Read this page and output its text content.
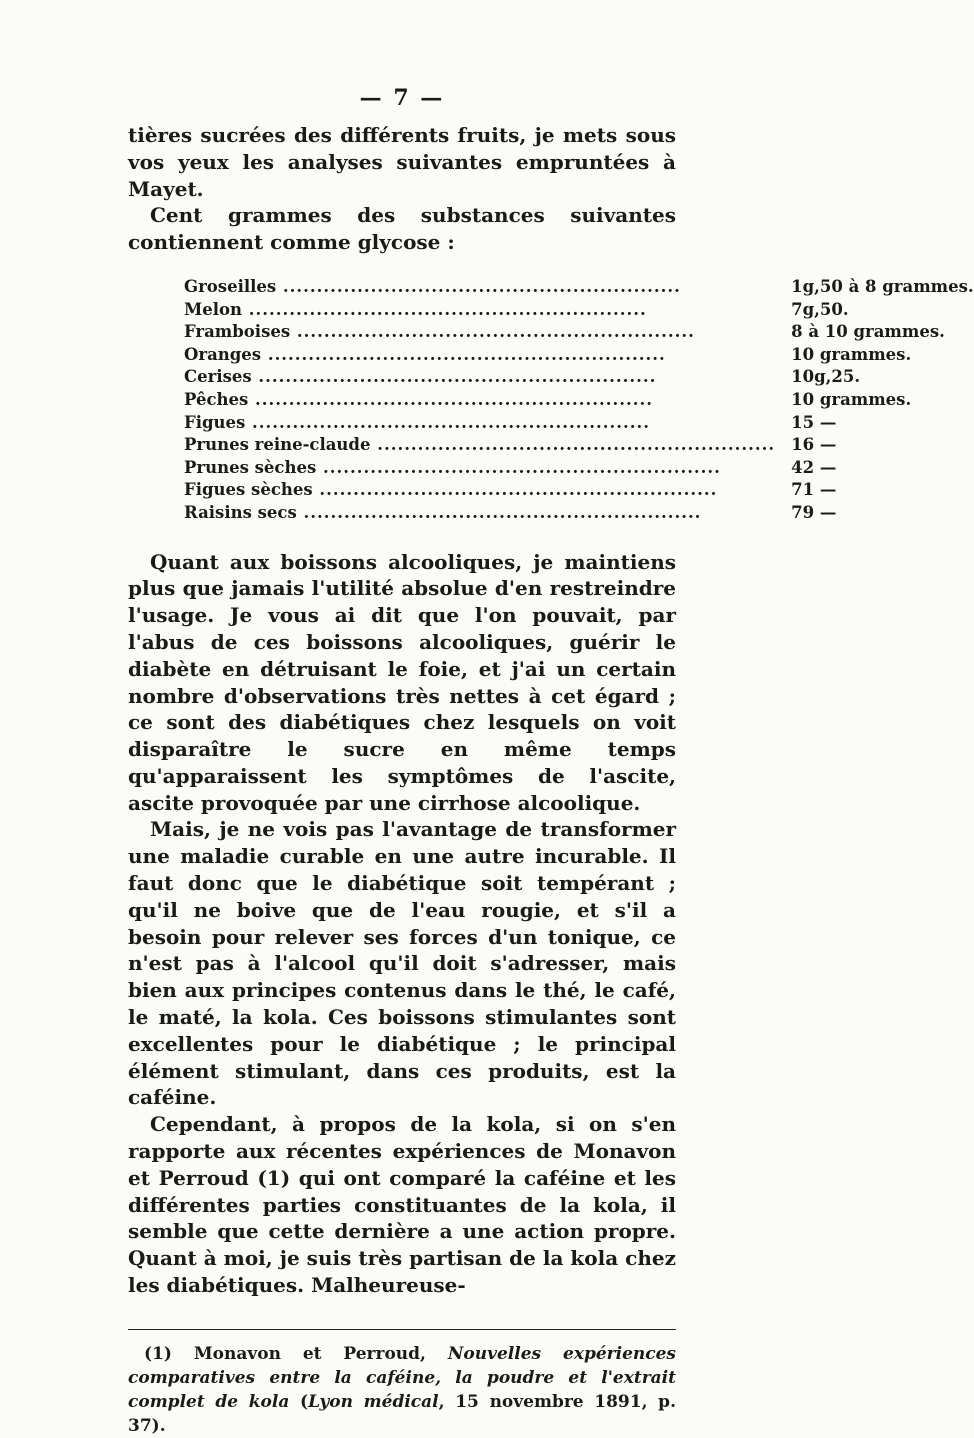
— 7 —

tières sucrées des différents fruits, je mets sous vos yeux les analyses suivantes empruntées à Mayet.

Cent grammes des substances suivantes contiennent comme glycose :

Groseilles .....	1g,50 à 8 grammes.
Melon .....	7g,50.
Framboises .....	8 à 10 grammes.
Oranges .....	10 grammes.
Cerises .....	10g,25.
Pêches .....	10 grammes.
Figues .....	15 —
Prunes reine-claude .....	16 —
Prunes sèches .....	42 —
Figues sèches .....	71 —
Raisins secs .....	79 —

Quant aux boissons alcooliques, je maintiens plus que jamais l'utilité absolue d'en restreindre l'usage. Je vous ai dit que l'on pouvait, par l'abus de ces boissons alcooliques, guérir le diabète en détruisant le foie, et j'ai un certain nombre d'observations très nettes à cet égard ; ce sont des diabétiques chez lesquels on voit disparaître le sucre en même temps qu'apparaissent les symptômes de l'ascite, ascite provoquée par une cirrhose alcoolique.

Mais, je ne vois pas l'avantage de transformer une maladie curable en une autre incurable. Il faut donc que le diabétique soit tempérant ; qu'il ne boive que de l'eau rougie, et s'il a besoin pour relever ses forces d'un tonique, ce n'est pas à l'alcool qu'il doit s'adresser, mais bien aux principes contenus dans le thé, le café, le maté, la kola. Ces boissons stimulantes sont excellentes pour le diabétique ; le principal élément stimulant, dans ces produits, est la caféine.

Cependant, à propos de la kola, si on s'en rapporte aux récentes expériences de Monavon et Perroud (1) qui ont comparé la caféine et les différentes parties constituantes de la kola, il semble que cette dernière a une action propre. Quant à moi, je suis très partisan de la kola chez les diabétiques. Malheureuse-

(1) Monavon et Perroud, Nouvelles expériences comparatives entre la caféine, la poudre et l'extrait complet de kola (Lyon médical, 15 novembre 1891, p. 37).
